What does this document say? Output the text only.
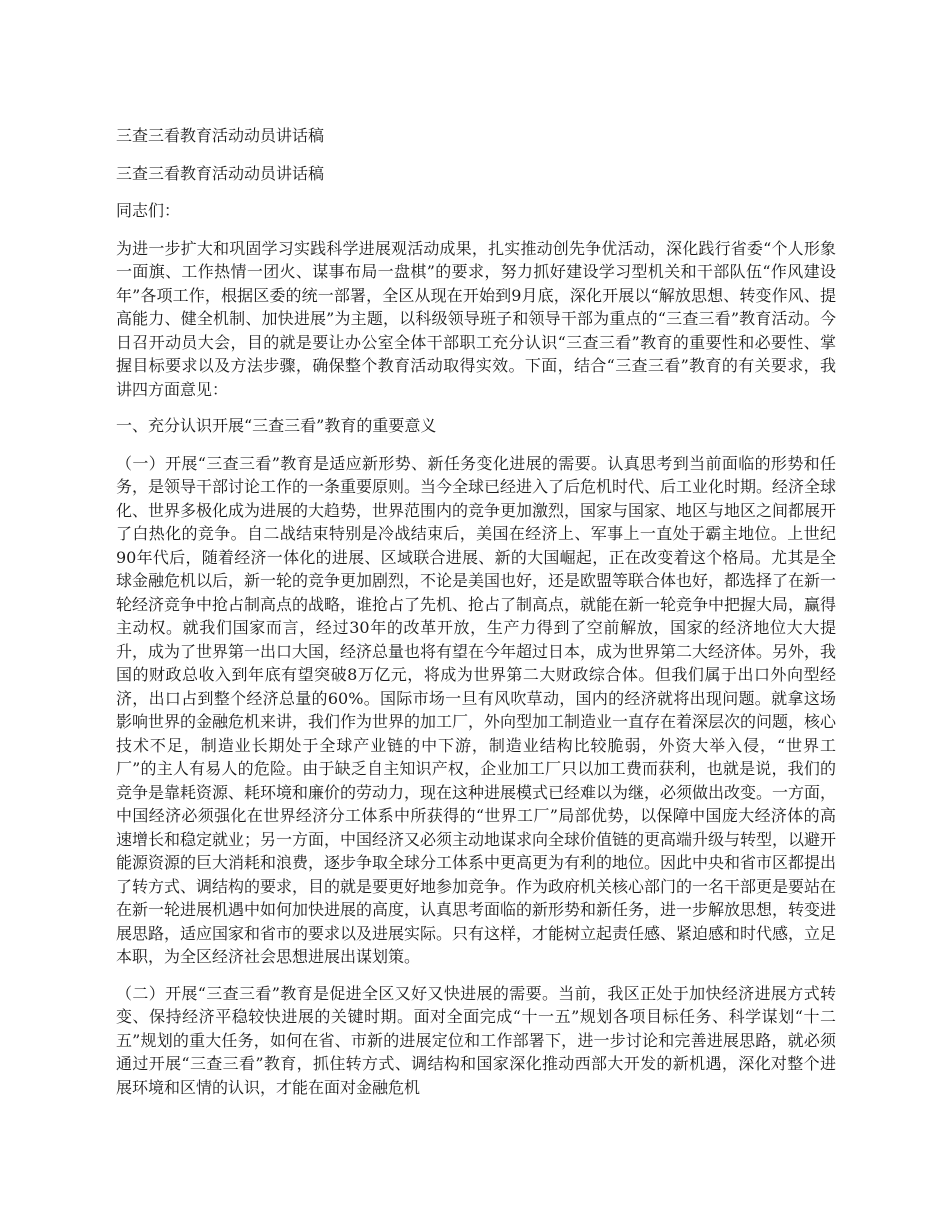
三查三看教育活动动员讲话稿

三查三看教育活动动员讲话稿

同志们：

为进一步扩大和巩固学习实践科学进展观活动成果，扎实推动创先争优活动，深化践行省委“个人形象一面旗、工作热情一团火、谋事布局一盘棋”的要求，努力抓好建设学习型机关和干部队伍“作风建设年”各项工作，根据区委的统一部署，全区从现在开始到9月底，深化开展以“解放思想、转变作风、提高能力、健全机制、加快进展”为主题，以科级领导班子和领导干部为重点的“三查三看”教育活动。今日召开动员大会，目的就是要让办公室全体干部职工充分认识“三查三看”教育的重要性和必要性、掌握目标要求以及方法步骤，确保整个教育活动取得实效。下面，结合“三查三看”教育的有关要求，我讲四方面意见：

一、充分认识开展“三查三看”教育的重要意义

（一）开展“三查三看”教育是适应新形势、新任务变化进展的需要。认真思考到当前面临的形势和任务，是领导干部讨论工作的一条重要原则。当今全球已经进入了后危机时代、后工业化时期。经济全球化、世界多极化成为进展的大趋势，世界范围内的竞争更加激烈，国家与国家、地区与地区之间都展开了白热化的竞争。自二战结束特别是冷战结束后，美国在经济上、军事上一直处于霸主地位。上世纪90年代后，随着经济一体化的进展、区域联合进展、新的大国崛起，正在改变着这个格局。尤其是全球金融危机以后，新一轮的竞争更加剧烈，不论是美国也好，还是欧盟等联合体也好，都选择了在新一轮经济竞争中抢占制高点的战略，谁抢占了先机、抢占了制高点，就能在新一轮竞争中把握大局，赢得主动权。就我们国家而言，经过30年的改革开放，生产力得到了空前解放，国家的经济地位大大提升，成为了世界第一出口大国，经济总量也将有望在今年超过日本，成为世界第二大经济体。另外，我国的财政总收入到年底有望突破8万亿元，将成为世界第二大财政综合体。但我们属于出口外向型经济，出口占到整个经济总量的60%。国际市场一旦有风吹草动，国内的经济就将出现问题。就拿这场影响世界的金融危机来讲，我们作为世界的加工厂，外向型加工制造业一直存在着深层次的问题，核心技术不足，制造业长期处于全球产业链的中下游，制造业结构比较脆弱，外资大举入侵，“世界工厂”的主人有易人的危险。由于缺乏自主知识产权，企业加工厂只以加工费而获利，也就是说，我们的竞争是靠耗资源、耗环境和廉价的劳动力，现在这种进展模式已经难以为继，必须做出改变。一方面，中国经济必须强化在世界经济分工体系中所获得的“世界工厂”局部优势，以保障中国庞大经济体的高速增长和稳定就业；另一方面，中国经济又必须主动地谋求向全球价值链的更高端升级与转型，以避开能源资源的巨大消耗和浪费，逐步争取全球分工体系中更高更为有利的地位。因此中央和省市区都提出了转方式、调结构的要求，目的就是要更好地参加竞争。作为政府机关核心部门的一名干部更是要站在在新一轮进展机遇中如何加快进展的高度，认真思考面临的新形势和新任务，进一步解放思想，转变进展思路，适应国家和省市的要求以及进展实际。只有这样，才能树立起责任感、紧迫感和时代感，立足本职，为全区经济社会思想进展出谋划策。

（二）开展“三查三看”教育是促进全区又好又快进展的需要。当前，我区正处于加快经济进展方式转变、保持经济平稳较快进展的关键时期。面对全面完成“十一五”规划各项目标任务、科学谋划“十二五”规划的重大任务，如何在省、市新的进展定位和工作部署下，进一步讨论和完善进展思路，就必须通过开展“三查三看”教育，抓住转方式、调结构和国家深化推动西部大开发的新机遇，深化对整个进展环境和区情的认识，才能在面对金融危机
